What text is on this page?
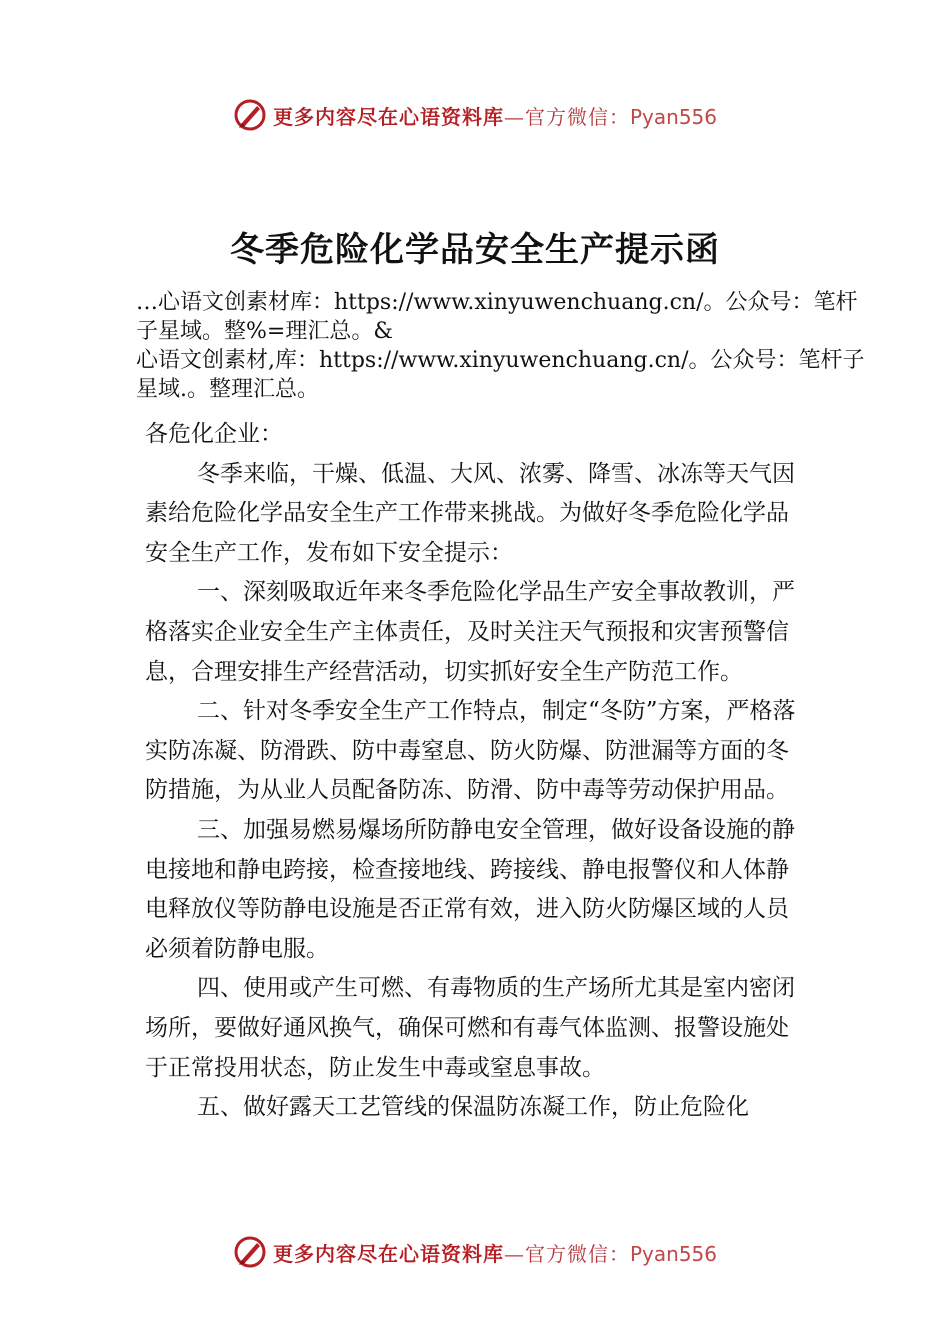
更多内容尽在心语资料库—官方微信：Pyan556
冬季危险化学品安全生产提示函
…心语文创素材库：https://www.xinyuwenchuang.cn/。公众号：笔杆子星域。整%=理汇总。&
心语文创素材,库：https://www.xinyuwenchuang.cn/。公众号：笔杆子星域.。整理汇总。

各危化企业：

冬季来临，干燥、低温、大风、浓雾、降雪、冰冻等天气因素给危险化学品安全生产工作带来挑战。为做好冬季危险化学品安全生产工作，发布如下安全提示：

一、深刻吸取近年来冬季危险化学品生产安全事故教训，严格落实企业安全生产主体责任，及时关注天气预报和灾害预警信息，合理安排生产经营活动，切实抓好安全生产防范工作。

二、针对冬季安全生产工作特点，制定“冬防”方案，严格落实防冻凝、防滑跌、防中毒窒息、防火防爆、防泄漏等方面的冬防措施，为从业人员配备防冻、防滑、防中毒等劳动保护用品。

三、加强易燃易爆场所防静电安全管理，做好设备设施的静电接地和静电跨接，检查接地线、跨接线、静电报警仪和人体静电释放仪等防静电设施是否正常有效，进入防火防爆区域的人员必须着防静电服。

四、使用或产生可燃、有毒物质的生产场所尤其是室内密闭场所，要做好通风换气，确保可燃和有毒气体监测、报警设施处于正常投用状态，防止发生中毒或窒息事故。

五、做好露天工艺管线的保温防冻凝工作，防止危险化

更多内容尽在心语资料库—官方微信：Pyan556
